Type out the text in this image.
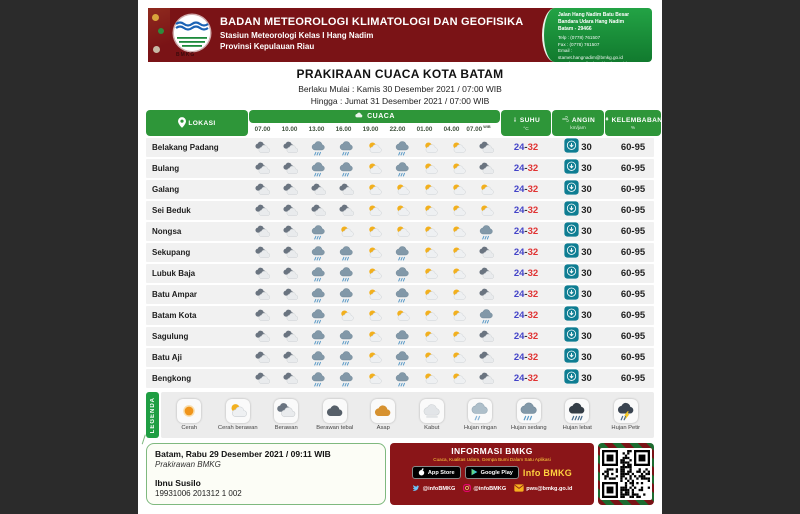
BMKG
BADAN METEOROLOGI KLIMATOLOGI DAN GEOFISIKA
Stasiun Meteorologi Kelas I Hang Nadim
Provinsi Kepulauan Riau
Jalan Hang Nadim Batu Besar
Bandara Udara Hang Nadim
Batam - 29466
Telp : (0778) 761507
Fax : (0778) 761507
Email :
stamet.hangnadim@bmkg.go.id
www.hangnadim.kepri.bmkg.go.id
PRAKIRAAN CUACA KOTA BATAM
Berlaku Mulai : Kamis 30 Desember 2021 / 07:00 WIB
Hingga : Jumat 31 Desember 2021 / 07:00 WIB
LOKASI
CUACA
07.00	10.00	13.00	16.00	19.00	22.00	01.00	04.00	07.00 $^{WIB}$
SUHU
°C
ANGIN
km/jam
KELEMBABAN
%
Belakang Padang	24 - 32	30	60-95
Bulang	24 - 32	30	60-95
Galang	24 - 32	30	60-95
Sei Beduk	24 - 32	30	60-95
Nongsa	24 - 32	30	60-95
Sekupang	24 - 32	30	60-95
Lubuk Baja	24 - 32	30	60-95
Batu Ampar	24 - 32	30	60-95
Batam Kota	24 - 32	30	60-95
Sagulung	24 - 32	30	60-95
Batu Aji	24 - 32	30	60-95
Bengkong	24 - 32	30	60-95
LEGENDA	Cerah	Cerah berawan	Berawan	Berawan tebal	Asap	Kabut	Hujan ringan Hujan sedang	Hujan lebat	Hujan Petir
Batam, Rabu 29 Desember 2021 / 09:11 WIB
Prakirawan BMKG
Ibnu Susilo
19931006 201312 1 002
INFORMASI BMKG
Cuaca, Kualitas Udara, Gempa Bumi Dalam Satu Aplikasi
App Store	Google Play Info BMKG
@infoBMKG	@infoBMKG	pws@bmkg.go.id
